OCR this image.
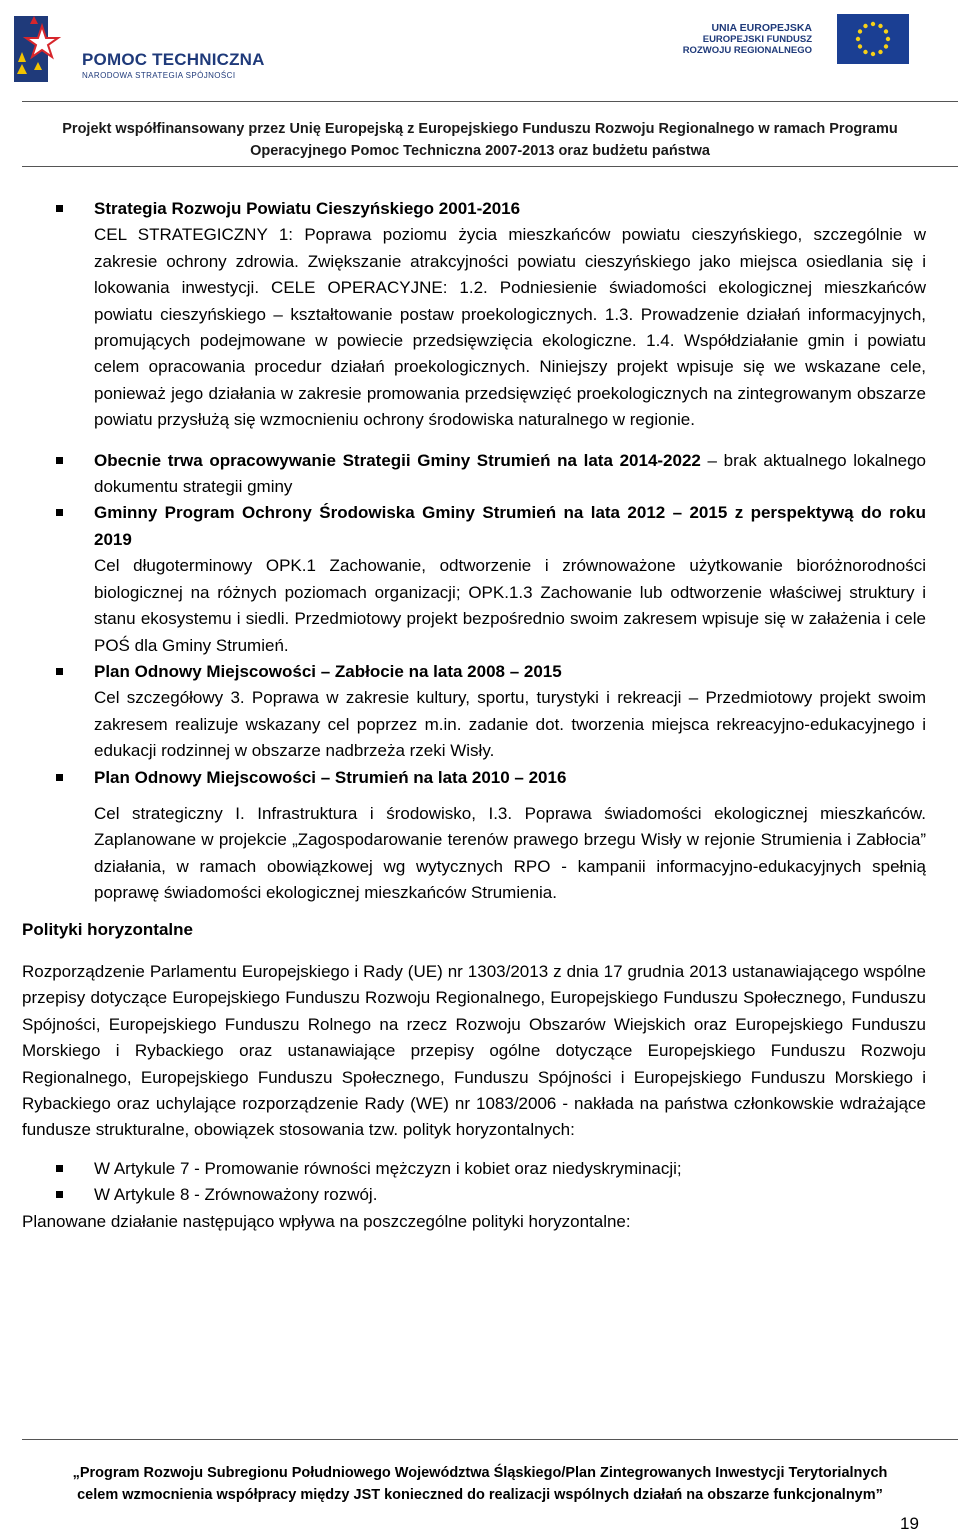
POMOC TECHNICZNA
NARODOWA STRATEGIA SPÓJNOŚCI
UNIA EUROPEJSKA
EUROPEJSKI FUNDUSZ
ROZWOJU REGIONALNEGO
Projekt współfinansowany przez Unię Europejską z Europejskiego Funduszu Rozwoju Regionalnego w ramach Programu
Operacyjnego Pomoc Techniczna 2007-2013 oraz budżetu państwa
Strategia Rozwoju Powiatu Cieszyńskiego 2001-2016
CEL STRATEGICZNY 1: Poprawa poziomu życia mieszkańców powiatu cieszyńskiego, szczególnie w zakresie ochrony zdrowia. Zwiększanie atrakcyjności powiatu cieszyńskiego jako miejsca osiedlania się i lokowania inwestycji. CELE OPERACYJNE: 1.2. Podniesienie świadomości ekologicznej mieszkańców powiatu cieszyńskiego – kształtowanie postaw proekologicznych. 1.3. Prowadzenie działań informacyjnych, promujących podejmowane w powiecie przedsięwzięcia ekologiczne. 1.4. Współdziałanie gmin i powiatu celem opracowania procedur działań proekologicznych. Niniejszy projekt wpisuje się we wskazane cele, ponieważ jego działania w zakresie promowania przedsięwzięć proekologicznych na zintegrowanym obszarze powiatu przysłużą się wzmocnieniu ochrony środowiska naturalnego w regionie.
Obecnie trwa opracowywanie Strategii Gminy Strumień na lata 2014-2022 – brak aktualnego lokalnego dokumentu strategii gminy
Gminny Program Ochrony Środowiska Gminy Strumień na lata 2012 – 2015 z perspektywą do roku 2019
Cel długoterminowy OPK.1 Zachowanie, odtworzenie i zrównoważone użytkowanie bioróżnorodności biologicznej na różnych poziomach organizacji; OPK.1.3 Zachowanie lub odtworzenie właściwej struktury i stanu ekosystemu i siedli. Przedmiotowy projekt bezpośrednio swoim zakresem wpisuje się w załażenia i cele POŚ dla Gminy Strumień.
Plan Odnowy Miejscowości – Zabłocie na lata 2008 – 2015
Cel szczegółowy 3. Poprawa w zakresie kultury, sportu, turystyki i rekreacji – Przedmiotowy projekt swoim zakresem realizuje wskazany cel poprzez m.in. zadanie dot. tworzenia miejsca rekreacyjno-edukacyjnego i edukacji rodzinnej w obszarze nadbrzeża rzeki Wisły.
Plan Odnowy Miejscowości – Strumień na lata 2010 – 2016
Cel strategiczny I. Infrastruktura i środowisko, I.3. Poprawa świadomości ekologicznej mieszkańców. Zaplanowane w projekcie „Zagospodarowanie terenów prawego brzegu Wisły w rejonie Strumienia i Zabłocia” działania, w ramach obowiązkowej wg wytycznych RPO - kampanii informacyjno-edukacyjnych spełnią poprawę świadomości ekologicznej mieszkańców Strumienia.
Polityki horyzontalne

Rozporządzenie Parlamentu Europejskiego i Rady (UE) nr 1303/2013 z dnia 17 grudnia 2013 ustanawiającego wspólne przepisy dotyczące Europejskiego Funduszu Rozwoju Regionalnego, Europejskiego Funduszu Społecznego, Funduszu Spójności, Europejskiego Funduszu Rolnego na rzecz Rozwoju Obszarów Wiejskich oraz Europejskiego Funduszu Morskiego i Rybackiego oraz ustanawiające przepisy ogólne dotyczące Europejskiego Funduszu Rozwoju Regionalnego, Europejskiego Funduszu Społecznego, Funduszu Spójności i Europejskiego Funduszu Morskiego i Rybackiego oraz uchylające rozporządzenie Rady (WE) nr 1083/2006 - nakłada na państwa członkowskie wdrażające fundusze strukturalne, obowiązek stosowania tzw. polityk horyzontalnych:

W Artykule 7 - Promowanie równości mężczyzn i kobiet oraz niedyskryminacji;
W Artykule 8 - Zrównoważony rozwój.

Planowane działanie następująco wpływa na poszczególne polityki horyzontalne:

„Program Rozwoju Subregionu Południowego Województwa Śląskiego/Plan Zintegrowanych Inwestycji Terytorialnych
celem wzmocnienia współpracy między JST konieczned do realizacji wspólnych działań na obszarze funkcjonalnym”
19
